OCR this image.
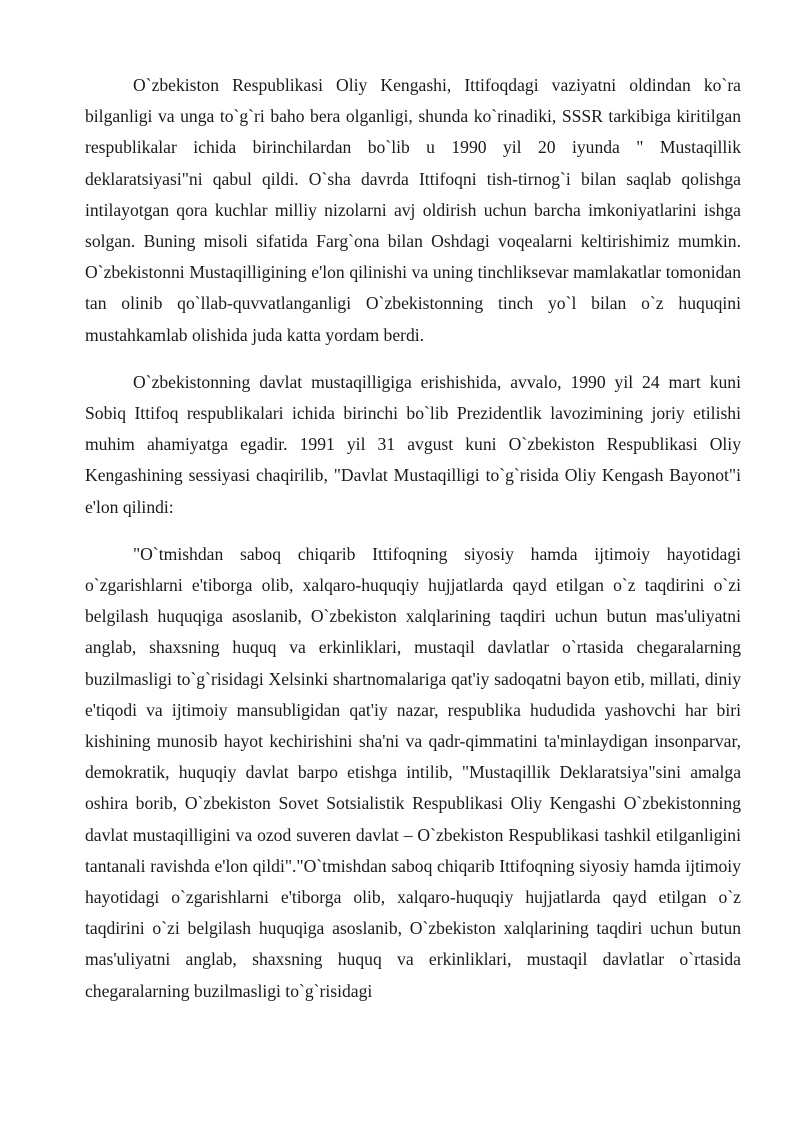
O`zbekiston Respublikasi Oliy Kengashi, Ittifoqdagi vaziyatni oldindan ko`ra bilganligi va unga to`g`ri baho bera olganligi, shunda ko`rinadiki, SSSR tarkibiga kiritilgan respublikalar ichida birinchilardan bo`lib u 1990 yil 20 iyunda " Mustaqillik deklaratsiyasi"ni qabul qildi. O`sha davrda Ittifoqni tish-tirnog`i bilan saqlab qolishga intilayotgan qora kuchlar milliy nizolarni avj oldirish uchun barcha imkoniyatlarini ishga solgan. Buning misoli sifatida Farg`ona bilan Oshdagi voqealarni keltirishimiz mumkin. O`zbekistonni Mustaqilligining e'lon qilinishi va uning tinchliksevar mamlakatlar tomonidan tan olinib qo`llab-quvvatlanganligi O`zbekistonning tinch yo`l bilan o`z huquqini mustahkamlab olishida juda katta yordam berdi.

O`zbekistonning davlat mustaqilligiga erishishida, avvalo, 1990 yil 24 mart kuni Sobiq Ittifoq respublikalari ichida birinchi bo`lib Prezidentlik lavozimining joriy etilishi muhim ahamiyatga egadir. 1991 yil 31 avgust kuni O`zbekiston Respublikasi Oliy Kengashining sessiyasi chaqirilib, "Davlat Mustaqilligi to`g`risida Oliy Kengash Bayonot"i e'lon qilindi:

"O`tmishdan saboq chiqarib Ittifoqning siyosiy hamda ijtimoiy hayotidagi o`zgarishlarni e'tiborga olib, xalqaro-huquqiy hujjatlarda qayd etilgan o`z taqdirini o`zi belgilash huquqiga asoslanib, O`zbekiston xalqlarining taqdiri uchun butun mas'uliyatni anglab, shaxsning huquq va erkinliklari, mustaqil davlatlar o`rtasida chegaralarning buzilmasligi to`g`risidagi Xelsinki shartnomalariga qat'iy sadoqatni bayon etib, millati, diniy e'tiqodi va ijtimoiy mansubligidan qat'iy nazar, respublika hududida yashovchi har biri kishining munosib hayot kechirishini sha'ni va qadr-qimmatini ta'minlaydigan insonparvar, demokratik, huquqiy davlat barpo etishga intilib, "Mustaqillik Deklaratsiya"sini amalga oshira borib, O`zbekiston Sovet Sotsialistik Respublikasi Oliy Kengashi O`zbekistonning davlat mustaqilligini va ozod suveren davlat – O`zbekiston Respublikasi tashkil etilganligini tantanali ravishda e'lon qildi"."O`tmishdan saboq chiqarib Ittifoqning siyosiy hamda ijtimoiy hayotidagi o`zgarishlarni e'tiborga olib, xalqaro-huquqiy hujjatlarda qayd etilgan o`z taqdirini o`zi belgilash huquqiga asoslanib, O`zbekiston xalqlarining taqdiri uchun butun mas'uliyatni anglab, shaxsning huquq va erkinliklari, mustaqil davlatlar o`rtasida chegaralarning buzilmasligi to`g`risidagi
